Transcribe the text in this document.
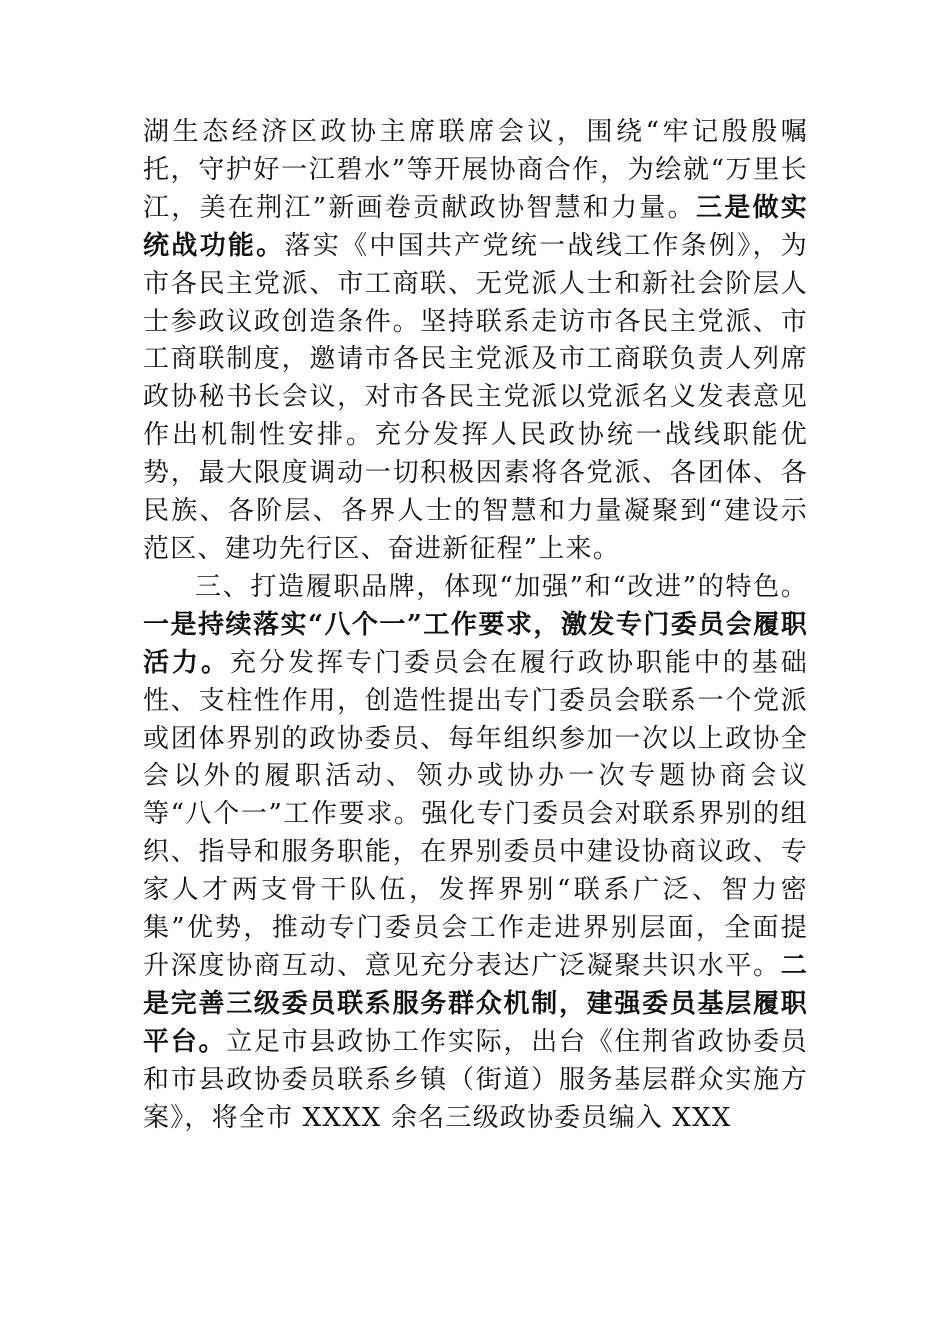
湖生态经济区政协主席联席会议，围绕“牢记殷殷嘱托，守护好一江碧水”等开展协商合作，为绘就“万里长江，美在荆江”新画卷贡献政协智慧和力量。三是做实统战功能。落实《中国共产党统一战线工作条例》，为市各民主党派、市工商联、无党派人士和新社会阶层人士参政议政创造条件。坚持联系走访市各民主党派、市工商联制度，邀请市各民主党派及市工商联负责人列席政协秘书长会议，对市各民主党派以党派名义发表意见作出机制性安排。充分发挥人民政协统一战线职能优势，最大限度调动一切积极因素将各党派、各团体、各民族、各阶层、各界人士的智慧和力量凝聚到“建设示范区、建功先行区、奋进新征程”上来。

三、打造履职品牌，体现“加强”和“改进”的特色。一是持续落实“八个一”工作要求，激发专门委员会履职活力。充分发挥专门委员会在履行政协职能中的基础性、支柱性作用，创造性提出专门委员会联系一个党派或团体界别的政协委员、每年组织参加一次以上政协全会以外的履职活动、领办或协办一次专题协商会议等“八个一”工作要求。强化专门委员会对联系界别的组织、指导和服务职能，在界别委员中建设协商议政、专家人才两支骨干队伍，发挥界别“联系广泛、智力密集”优势，推动专门委员会工作走进界别层面，全面提升深度协商互动、意见充分表达广泛凝聚共识水平。二是完善三级委员联系服务群众机制，建强委员基层履职平台。立足市县政协工作实际，出台《住荆省政协委员和市县政协委员联系乡镇（街道）服务基层群众实施方案》，将全市 XXXX 余名三级政协委员编入 XXX
